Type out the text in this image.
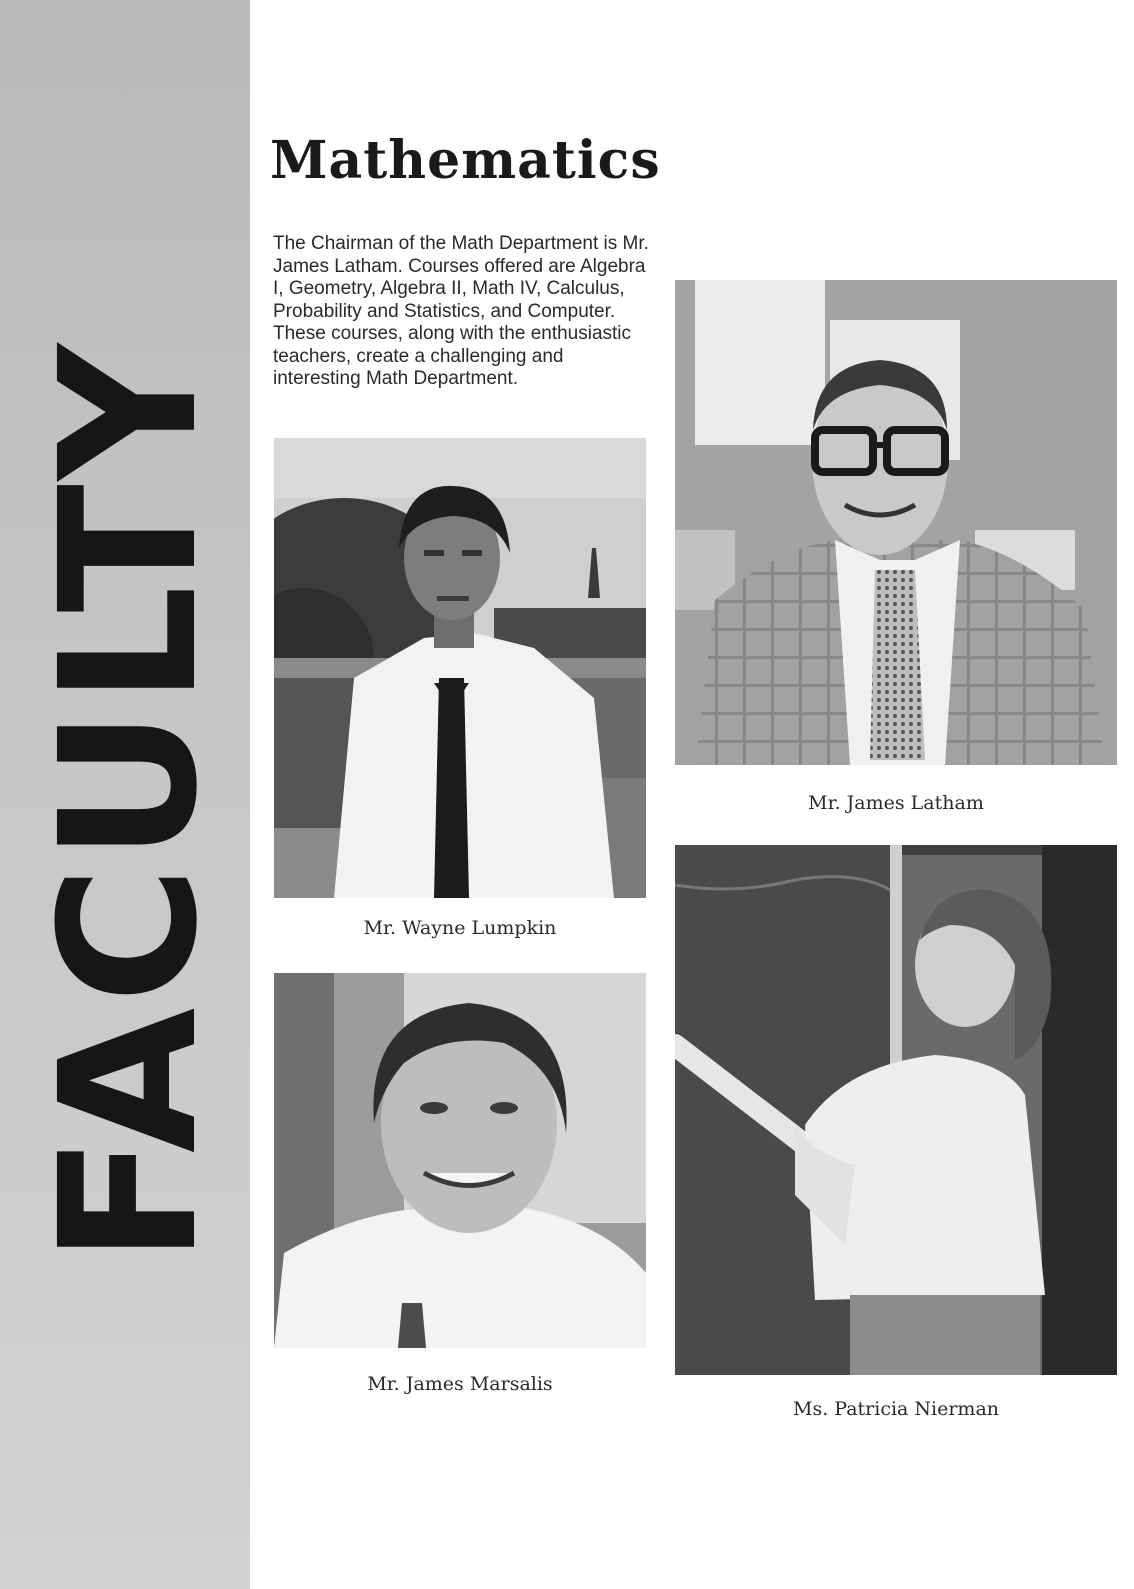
FACULTY
Mathematics

The Chairman of the Math Department is Mr. James Latham. Courses offered are Algebra I, Geometry, Algebra II, Math IV, Calculus, Probability and Statistics, and Computer. These courses, along with the enthusiastic teachers, create a challenging and interesting Math Department.

Mr. Wayne Lumpkin
Mr. James Latham
Mr. James Marsalis
Ms. Patricia Nierman
